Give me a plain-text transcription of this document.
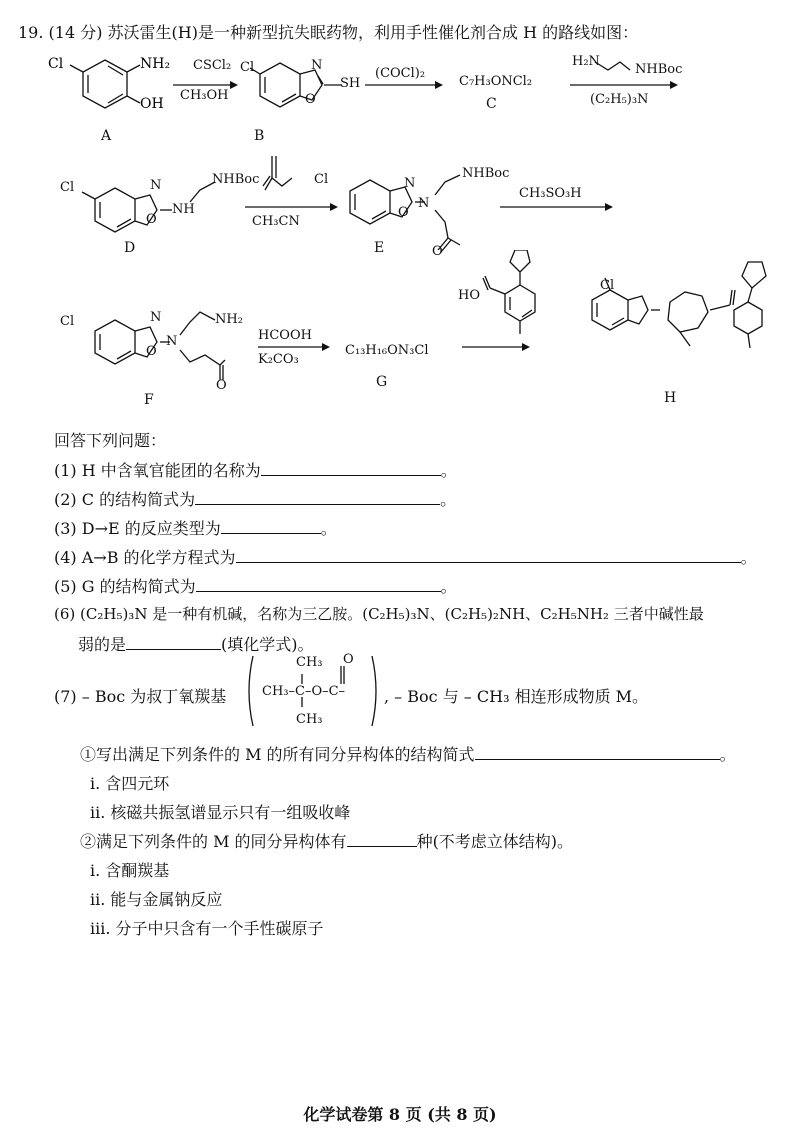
19. (14 分) 苏沃雷生(H)是一种新型抗失眠药物，利用手性催化剂合成 H 的路线如图：
Cl	NH₂
OH
CSCl₂
CH₃OH
Cl	N
O
SH
(COCl)₂
C₇H₃ONCl₂
H₂N
NHBoc
(C₂H₅)₃N
A	B
C
Cl	N
O
NH
NHBoc
CH₃CN
Cl	N
O
N
NHBoc
O
CH₃SO₃H
D	E
Cl	N
O
N
NH₂
O
HCOOH
K₂CO₃
C₁₃H₁₆ON₃Cl
HO
Cl
F
G
H
回答下列问题：
(1) H 中含氧官能团的名称为	。
(2) C 的结构简式为	。
(3) D→E 的反应类型为	。
(4) A→B 的化学方程式为	。
(5) G 的结构简式为	。
(6) (C₂H₅)₃N 是一种有机碱，名称为三乙胺。(C₂H₅)₃N、(C₂H₅)₂NH、C₂H₅NH₂ 三者中碱性最
弱的是	(填化学式)。
(7) – Boc 为叔丁氧羰基
CH₃ O
CH₃–C–O–C–
CH₃
, – Boc 与 – CH₃ 相连形成物质 M。
①写出满足下列条件的 M 的所有同分异构体的结构简式	。
ⅰ. 含四元环
ⅱ. 核磁共振氢谱显示只有一组吸收峰
②满足下列条件的 M 的同分异构体有	种(不考虑立体结构)。
ⅰ. 含酮羰基
ⅱ. 能与金属钠反应
ⅲ. 分子中只含有一个手性碳原子
化学试卷第 8 页 (共 8 页)
